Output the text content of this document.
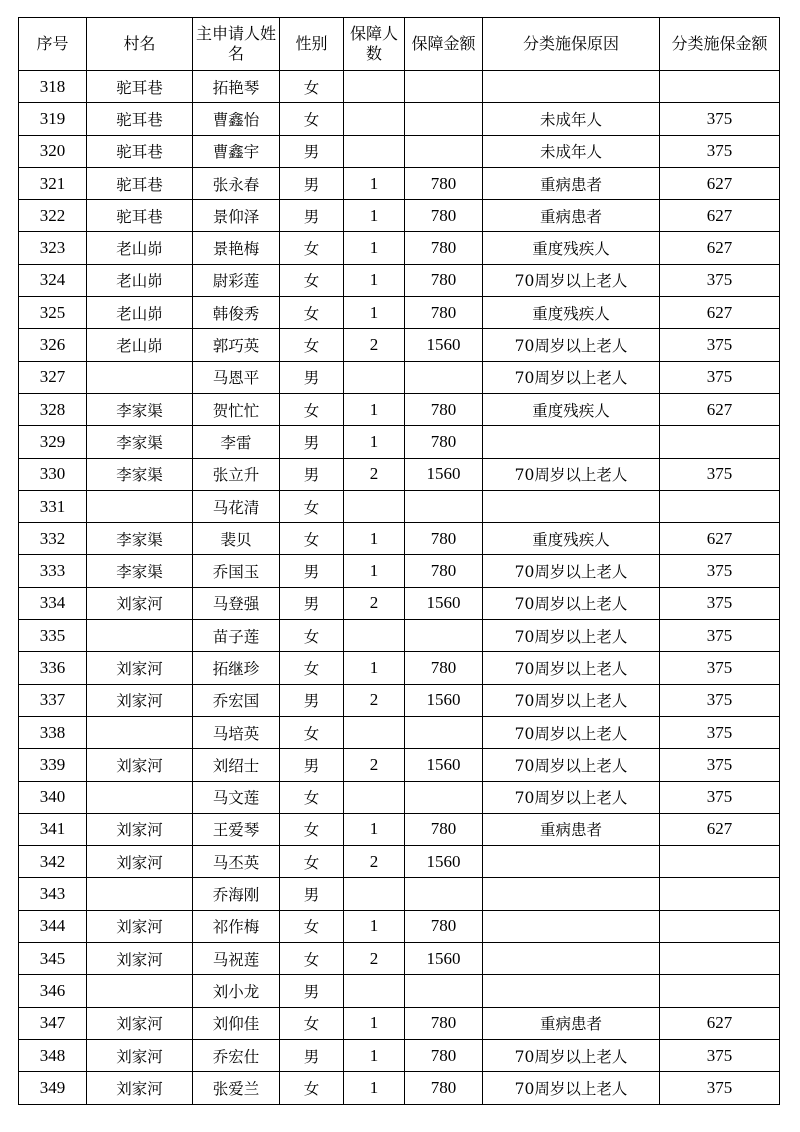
序号	村名	主申请人姓名	性别	保障人数	保障金额	分类施保原因	分类施保金额
318	驼耳巷	拓艳琴	女				
319	驼耳巷	曹鑫怡	女			未成年人	375
320	驼耳巷	曹鑫宇	男			未成年人	375
321	驼耳巷	张永春	男	1	780	重病患者	627
322	驼耳巷	景仰泽	男	1	780	重病患者	627
323	老山峁	景艳梅	女	1	780	重度残疾人	627
324	老山峁	尉彩莲	女	1	780	70周岁以上老人	375
325	老山峁	韩俊秀	女	1	780	重度残疾人	627
326	老山峁	郭巧英	女	2	1560	70周岁以上老人	375
327		马恩平	男			70周岁以上老人	375
328	李家渠	贺忙忙	女	1	780	重度残疾人	627
329	李家渠	李雷	男	1	780		
330	李家渠	张立升	男	2	1560	70周岁以上老人	375
331		马花清	女				
332	李家渠	裴贝	女	1	780	重度残疾人	627
333	李家渠	乔国玉	男	1	780	70周岁以上老人	375
334	刘家河	马登强	男	2	1560	70周岁以上老人	375
335		苗子莲	女			70周岁以上老人	375
336	刘家河	拓继珍	女	1	780	70周岁以上老人	375
337	刘家河	乔宏国	男	2	1560	70周岁以上老人	375
338		马培英	女			70周岁以上老人	375
339	刘家河	刘绍士	男	2	1560	70周岁以上老人	375
340		马文莲	女			70周岁以上老人	375
341	刘家河	王爱琴	女	1	780	重病患者	627
342	刘家河	马丕英	女	2	1560		
343		乔海刚	男				
344	刘家河	祁作梅	女	1	780		
345	刘家河	马祝莲	女	2	1560		
346		刘小龙	男				
347	刘家河	刘仰佳	女	1	780	重病患者	627
348	刘家河	乔宏仕	男	1	780	70周岁以上老人	375
349	刘家河	张爱兰	女	1	780	70周岁以上老人	375
